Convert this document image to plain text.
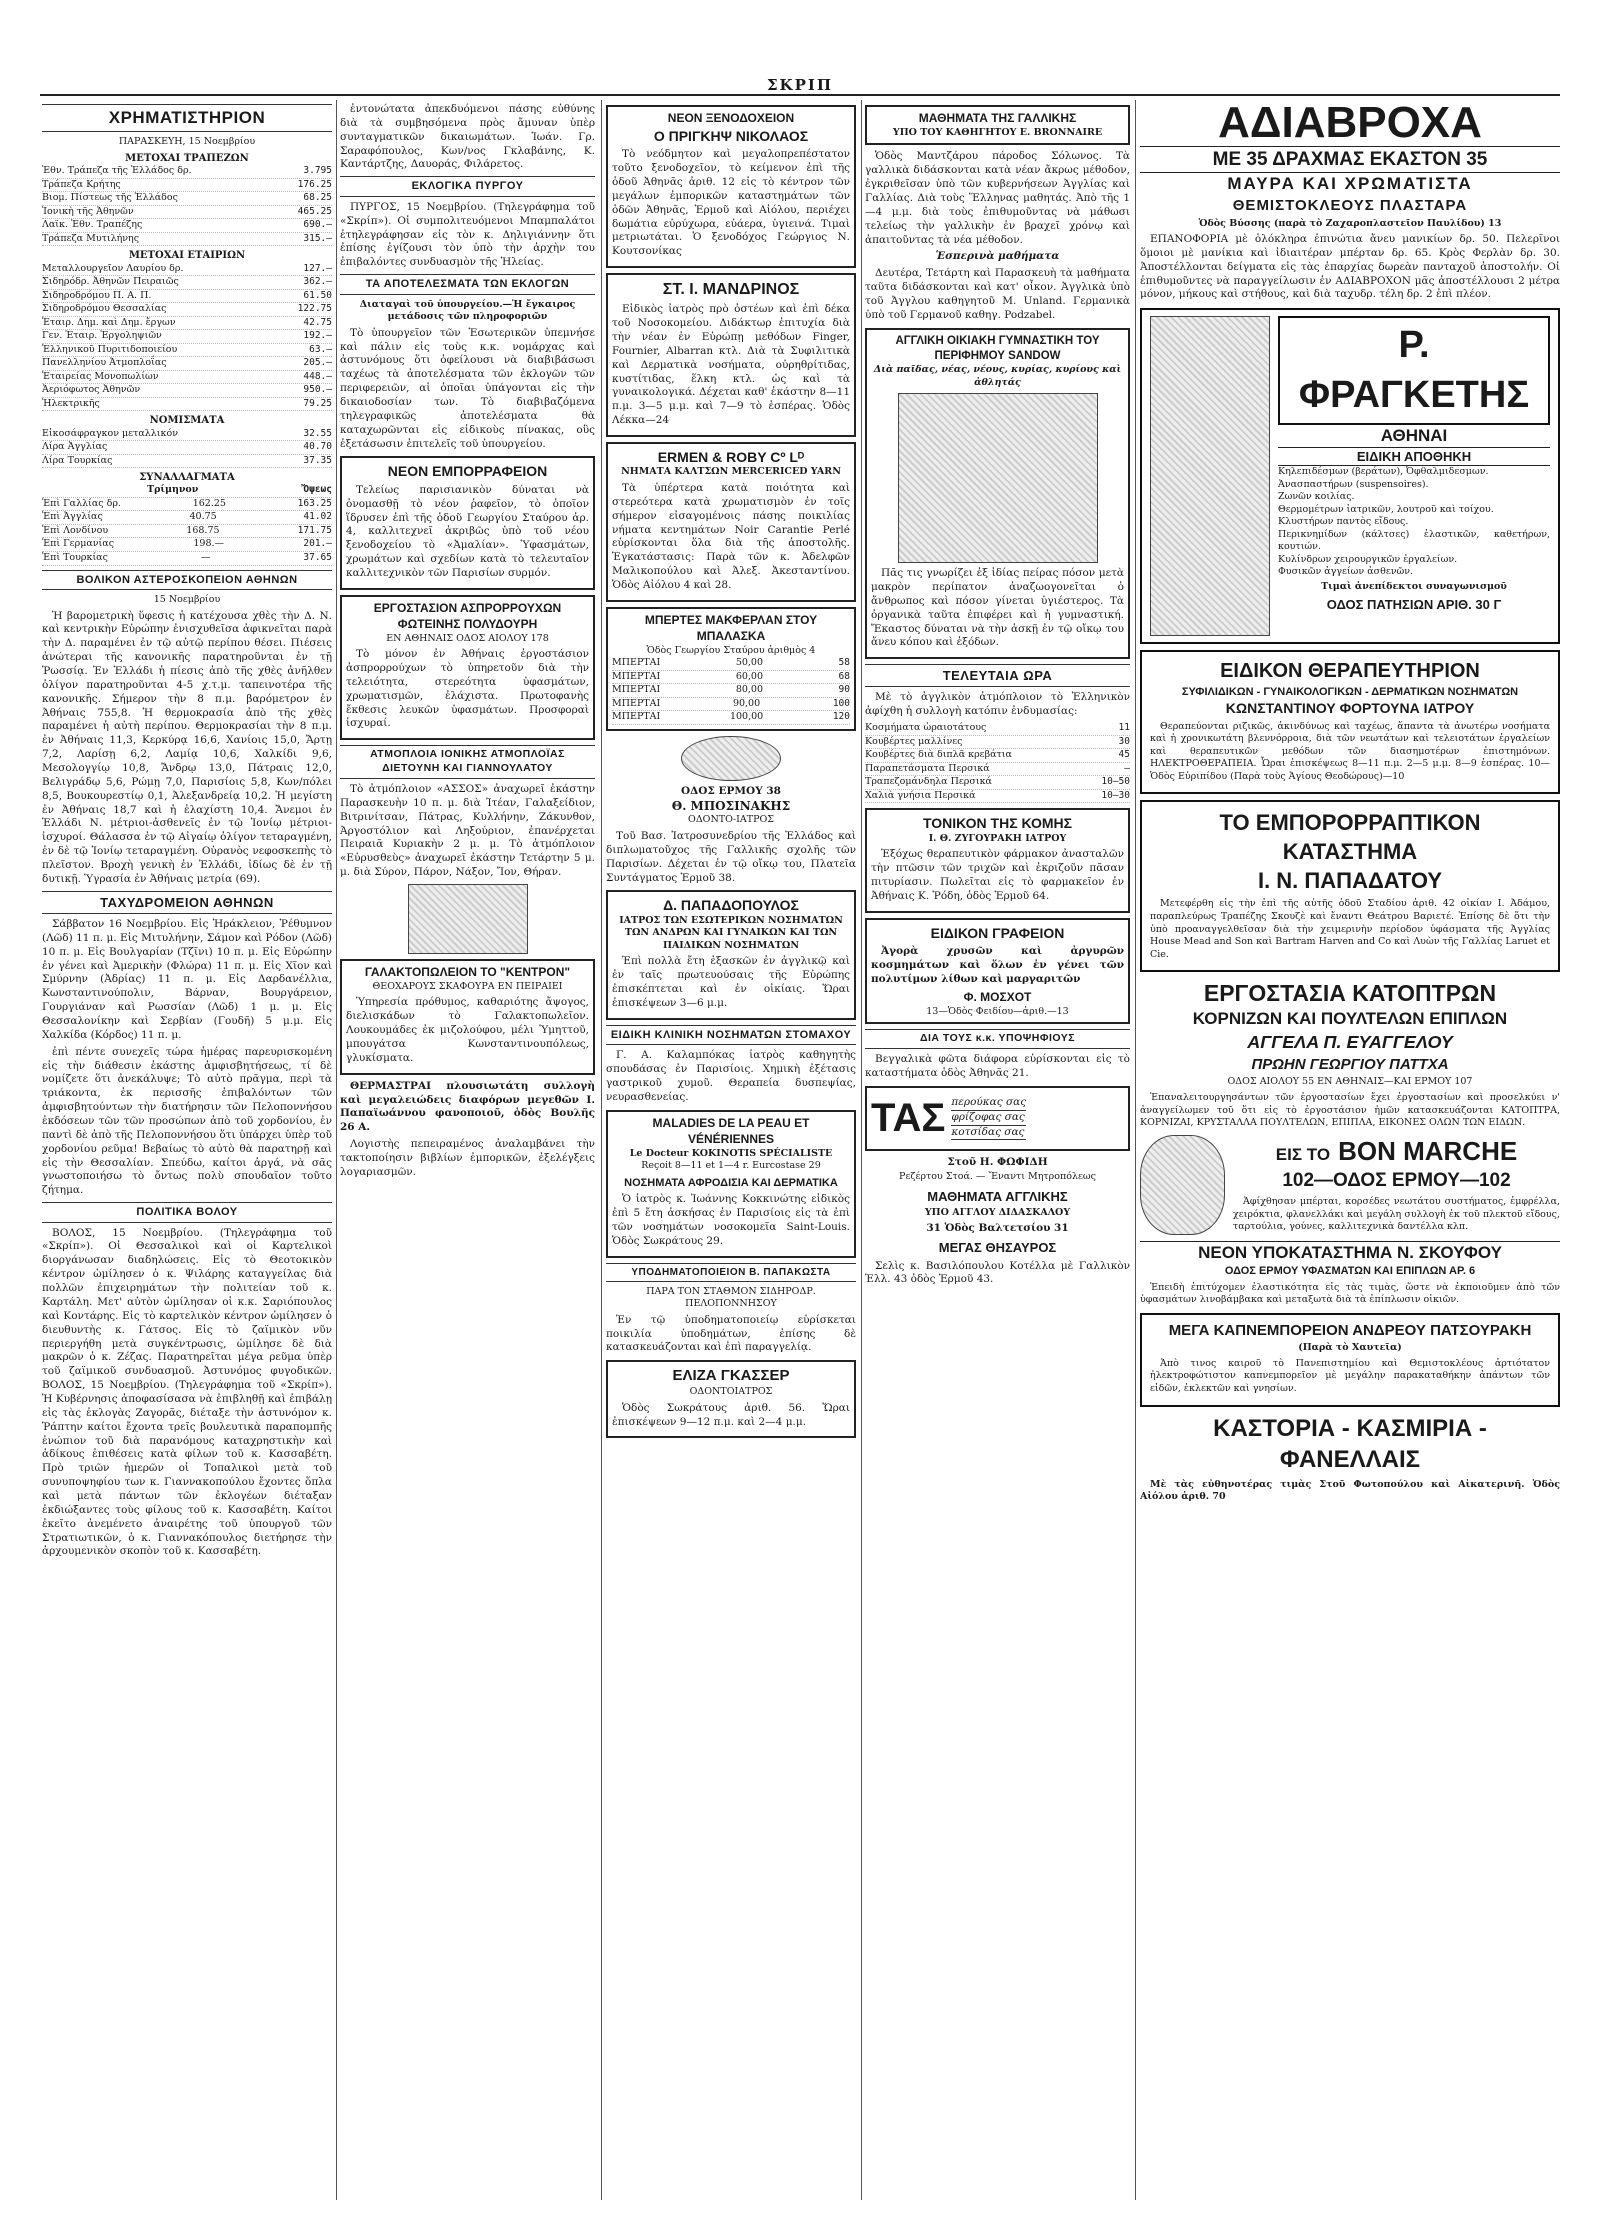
ΣΚΡΙΠ
ΧΡΗΜΑΤΙΣΤΗΡΙΟΝ
ΠΑΡΑΣΚΕΥΗ, 15 Νοεμβρίου
ΜΕΤΟΧΑΙ ΤΡΑΠΕΖΩΝ
Ἐθν. Τράπεζα τῆς Ἑλλάδος δρ.	3.795
Τράπεζα Κρήτης	176.25
Βιομ. Πίστεως τῆς Ἑλλάδος	68.25
Ἰονικὴ τῆς Ἀθηνῶν	465.25
Λαϊκ. Ἐθν. Τραπέζης	690.—
Τράπεζα Μυτιλήνης	315.—
ΜΕΤΟΧΑΙ ΕΤΑΙΡΙΩΝ
Μεταλλουργεῖον Λαυρίου δρ.	127.—
Σιδηρόδρ. Ἀθηνῶν Πειραιῶς	362.—
Σιδηροδρόμου Π. Α. Π.	61.50
Σιδηροδρόμου Θεσσαλίας	122.75
Ἑταιρ. Δημ. καὶ Δημ. ἔργων	42.75
Γεν. Ἑταιρ. Ἐργοληψιῶν	192.—
Ἑλληνικοῦ Πυριτιδοποιείου	63.—
Πανελληνίου Ἀτμοπλοΐας	205.—
Ἑταιρείας Μονοπωλίων	448.—
Ἀεριόφωτος Ἀθηνῶν	950.—
Ἠλεκτρικῆς	79.25
ΝΟΜΙΣΜΑΤΑ
Εἰκοσάφραγκον μεταλλικόν	32.55
Λίρα Ἀγγλίας	40.70
Λίρα Τουρκίας	37.35
ΣΥΝΑΛΛΑΓΜΑΤΑ
Τρίμηνον	Ὄψεως
Ἐπὶ Γαλλίας δρ.	162.25	163.25
Ἐπὶ Ἀγγλίας	40.75	41.02
Ἐπὶ Λονδίνου	168.75	171.75
Ἐπὶ Γερμανίας	198.—	201.—
Ἐπὶ Τουρκίας	—	37.65
ΒΟΛΙΚΟΝ ΑΣΤΕΡΟΣΚΟΠΕΙΟΝ ΑΘΗΝΩΝ
15 Νοεμβρίου
Ἡ βαρομετρικὴ ὕφεσις ἡ κατέχουσα χθὲς τὴν Δ. Ν. καὶ κεντρικὴν Εὐρώπην ἐνισχυθεῖσα ἀφικνεῖται παρὰ τὴν Δ. παραμένει ἐν τῷ αὐτῷ περίπου θέσει. Πιέσεις ἀνώτεραι τῆς κανονικῆς παρατηροῦνται ἐν τῇ Ῥωσσίᾳ. Ἐν Ἑλλάδι ἡ πίεσις ἀπὸ τῆς χθὲς ἀνῆλθεν ὀλίγον παρατηροῦνται 4-5 χ.τ.μ. ταπεινοτέρα τῆς κανονικῆς. Σήμερον τὴν 8 π.μ. βαρόμετρον ἐν Ἀθήναις 755,8. Ἡ θερμοκρασία ἀπὸ τῆς χθὲς παραμένει ἡ αὐτὴ περίπου. Θερμοκρασίαι τὴν 8 π.μ. ἐν Ἀθήναις 11,3, Κερκύρᾳ 16,6, Χανίοις 15,0, Ἄρτῃ 7,2, Λαρίσῃ 6,2, Λαμίᾳ 10,6, Χαλκίδι 9,6, Μεσολογγίῳ 10,8, Ἄνδρῳ 13,0, Πάτραις 12,0, Βελιγράδῳ 5,6, Ρώμῃ 7,0, Παρισίοις 5,8, Κων/πόλει 8,5, Βουκουρεστίῳ 0,1, Ἀλεξανδρείᾳ 10,2. Ἡ μεγίστη ἐν Ἀθήναις 18,7 καὶ ἡ ἐλαχίστη 10,4. Ἄνεμοι ἐν Ἑλλάδι Ν. μέτριοι-ἀσθενεῖς ἐν τῷ Ἰονίῳ μέτριοι-ἰσχυροί. Θάλασσα ἐν τῷ Αἰγαίῳ ὀλίγον τεταραγμένη, ἐν δὲ τῷ Ἰονίῳ τεταραγμένη. Οὐρανὸς νεφοσκεπὴς τὸ πλεῖστον. Βροχὴ γενικὴ ἐν Ἑλλάδι, ἰδίως δὲ ἐν τῇ δυτικῇ. Ὑγρασία ἐν Ἀθήναις μετρία (69).
ΤΑΧΥΔΡΟΜΕΙΟΝ ΑΘΗΝΩΝ
Σάββατον 16 Νοεμβρίου. Εἰς Ἡράκλειον, Ῥέθυμνον (Λῶδ) 11 π. μ. Εἰς Μιτυλήνην, Σάμον καὶ Ρόδον (Λῶδ) 10 π. μ. Εἰς Βουλγαρίαν (Τζῖνι) 10 π. μ. Εἰς Εὐρώπην ἐν γένει καὶ Ἀμερικὴν (Φλώρα) 11 π. μ. Εἰς Χῖον καὶ Σμύρνην (Ἀδρίας) 11 π. μ. Εἰς Δαρδανέλλια, Κωνσταντινούπολιν, Βάρναν, Βουργάρειον, Γουργιάναν καὶ Ρωσσίαν (Λῶδ) 1 μ. μ. Εἰς Θεσσαλονίκην καὶ Σερβίαν (Γουδῆ) 5 μ.μ. Εἰς Χαλκίδα (Κόρδος) 11 π. μ.
ἐπὶ πέντε συνεχεῖς τώρα ἡμέρας παρευρισκομένη εἰς τὴν διάθεσιν ἑκάστης ἀμφισβητήσεως, τί δὲ νομίζετε ὅτι ἀνεκάλυψε; Τὸ αὐτὸ πρᾶγμα, περὶ τὰ τριάκοντα, ἐκ περισσῆς ἐπιβαλόντων τῶν ἀμφισβητούντων τὴν διατήρησιν τῶν Πελοποννήσου ἐκδόσεων τῶν τῶν προσώπων ἀπὸ τοῦ χορδονίου, ἐν παντὶ δὲ ἀπὸ τῆς Πελοποννήσου ὅτι ὑπάρχει ὑπὲρ τοῦ χορδονίου ρεῦμα! Βεβαίως τὸ αὐτὸ θὰ παρατηρῇ καὶ εἰς τὴν Θεσσαλίαν. Σπεύδω, καίτοι ἀργά, νὰ σᾶς γνωστοποιήσω τὸ ὄντως πολὺ σπουδαῖον τοῦτο ζήτημα.
ΠΟΛΙΤΙΚΑ ΒΟΛΟΥ
ΒΟΛΟΣ, 15 Νοεμβρίου. (Τηλεγράφημα τοῦ «Σκρίπ»). Οἱ Θεσσαλικοὶ καὶ οἱ Καρτελικοὶ διοργάνωσαν διαδηλώσεις. Εἰς τὸ Θεοτοκικὸν κέντρον ὡμίλησεν ὁ κ. Ψιλάρης καταγγείλας διὰ πολλῶν ἐπιχειρημάτων τὴν πολιτείαν τοῦ κ. Καρτάλη. Μετ' αὐτὸν ὡμίλησαν οἱ κ.κ. Σαριόπουλος καὶ Κοντάρης. Εἰς τὸ καρτελικὸν κέντρον ὡμίλησεν ὁ διευθυντὴς κ. Γάτσος. Εἰς τὸ ζαϊμικὸν νῦν περιεργήθη μετὰ συγκέντρωσις, ὡμίλησε δὲ διὰ μακρῶν ὁ κ. Ζέζας. Παρατηρεῖται μέγα ρεῦμα ὑπὲρ τοῦ ζαϊμικοῦ συνδυασμοῦ. Ἀστυνόμος φυγοδικῶν. ΒΟΛΟΣ, 15 Νοεμβρίου. (Τηλεγράφημα τοῦ «Σκρίπ»). Ἡ Κυβέρνησις ἀποφασίσασα νὰ ἐπιβληθῇ καὶ ἐπιβάλῃ εἰς τὰς ἐκλογὰς Ζαγορᾶς, διέταξε τὴν ἀστυνόμον κ. Ῥάπτην καίτοι ἔχοντα τρεῖς βουλευτικὰ παραπομπῆς ἐνώπιον τοῦ διὰ παρανόμους καταχρηστικὴν καὶ ἀδίκους ἐπιθέσεις κατὰ φίλων τοῦ κ. Κασσαβέτη. Πρὸ τριῶν ἡμερῶν οἱ Τοπαλικοὶ μετὰ τοῦ συνυποψηφίου των κ. Γιαννακοπούλου ἔχοντες ὅπλα καὶ μετὰ πάντων τῶν ἐκλογέων διέταξαν ἐκδιώξαντες τοὺς φίλους τοῦ κ. Κασσαβέτη. Καίτοι ἐκεῖτο ἀνεμένετο ἀναιρέτης τοῦ ὑπουργοῦ τῶν Στρατιωτικῶν, ὁ κ. Γιαννακόπουλος διετήρησε τὴν ἀρχουμενικὸν σκοπὸν τοῦ κ. Κασσαβέτη.
ἐντονώτατα ἀπεκδυόμενοι πάσης εὐθύνης διὰ τὰ συμβησόμενα πρὸς ἄμυναν ὑπὲρ συνταγματικῶν δικαιωμάτων. Ἰωάν. Γρ. Σαραφόπουλος, Κων/νος Γκλαβάνης, Κ. Καντάρτζης, Δαυοράς, Φιλάρετος.
ΕΚΛΟΓΙΚΑ ΠΥΡΓΟΥ
ΠΥΡΓΟΣ, 15 Νοεμβρίου. (Τηλεγράφημα τοῦ «Σκρίπ»). Οἱ συμπολιτευόμενοι Μπαμπαλάτοι ἐτηλεγράφησαν εἰς τὸν κ. Δηλιγιάννην ὅτι ἐπίσης ἐγίζουσι τὸν ὑπὸ τὴν ἀρχὴν του ἐπιβαλόντες συνδυασμὸν τῆς Ἠλείας.
ΤΑ ΑΠΟΤΕΛΕΣΜΑΤΑ ΤΩΝ ΕΚΛΟΓΩΝ
Διαταγαὶ τοῦ ὑπουργείου.—Ἡ ἔγκαιρος μετάδοσις τῶν πληροφοριῶν
Τὸ ὑπουργεῖον τῶν Ἐσωτερικῶν ὑπεμνήσε καὶ πάλιν εἰς τοὺς κ.κ. νομάρχας καὶ ἀστυνόμους ὅτι ὀφείλουσι νὰ διαβιβάσωσι ταχέως τὰ ἀποτελέσματα τῶν ἐκλογῶν τῶν περιφερειῶν, αἱ ὁποῖαι ὑπάγονται εἰς τὴν δικαιοδοσίαν των. Τὸ διαβιβαζόμενα τηλεγραφικῶς ἀποτελέσματα θὰ καταχωρῶνται εἰς εἰδικοὺς πίνακας, οὓς ἐξετάσωσιν ἐπιτελεῖς τοῦ ὑπουργείου.
ΝΕΟΝ ΕΜΠΟΡΡΑΦΕΙΟΝ
Τελείως παρισιανικὸν δύναται νὰ ὀνομασθῇ τὸ νέον ῥαφεῖον, τὸ ὁποῖον ἵδρυσεν ἐπὶ τῆς ὁδοῦ Γεωργίου Σταύρου ἀρ. 4, καλλιτεχνεῖ ἀκριβῶς ὑπὸ τοῦ νέου ξενοδοχείου τὸ «Ἀμαλίαν». Ὑφασμάτων, χρωμάτων καὶ σχεδίων κατὰ τὸ τελευταῖον καλλιτεχνικὸν τῶν Παρισίων συρμόν.
ΕΡΓΟΣΤΑΣΙΟΝ ΑΣΠΡΟΡΡΟΥΧΩΝ ΦΩΤΕΙΝΗΣ ΠΟΛΥΔΟΥΡΗ
ΕΝ ΑΘΗΝΑΙΣ ΟΔΟΣ ΑΙΟΛΟΥ 178
Τὸ μόνον ἐν Ἀθήναις ἐργοστάσιον ἀσπρορρούχων τὸ ὑπηρετοῦν διὰ τὴν τελειότητα, στερεότητα ὑφασμάτων, χρωματισμῶν, ἐλάχιστα. Πρωτοφανὴς ἔκθεσις λευκῶν ὑφασμάτων. Προσφοραὶ ἰσχυραί.
ΑΤΜΟΠΛΟΙΑ ΙΟΝΙΚΗΣ ΑΤΜΟΠΛΟΪΑΣ ΔΙΕΤΟΥΝΗ ΚΑΙ ΓΙΑΝΝΟΥΛΑΤΟΥ
Τὸ ἀτμόπλοιον «ΑΣΣΟΣ» ἀναχωρεῖ ἐκάστην Παρασκευὴν 10 π. μ. διὰ Ἰτέαν, Γαλαξείδιον, Βιτρινίτσαν, Πάτρας, Κυλλήνην, Ζάκυνθον, Ἀργοστόλιον καὶ Ληξούριον, ἐπανέρχεται Πειραιᾶ Κυριακὴν 2 μ. μ. Τὸ ἀτμόπλοιον «Εὐρυσθεὺς» ἀναχωρεῖ ἐκάστην Τετάρτην 5 μ. μ. διὰ Σύρον, Πάρον, Νάξον, Ἴον, Θήραν.
ΓΑΛΑΚΤΟΠΩΛΕΙΟΝ ΤΟ "ΚΕΝΤΡΟΝ"
ΘΕΟΧΑΡΟΥΣ ΣΚΑΦΟΥΡΑ ΕΝ ΠΕΙΡΑΙΕΙ
Ὑπηρεσία πρόθυμος, καθαριότης ἄψογος, διελισκάδων τὸ Γαλακτοπωλεῖον. Λουκουμάδες ἐκ μιζολούφου, μέλι Ὑμηττοῦ, μπουγάτσα Κωνσταντινουπόλεως, γλυκίσματα.
ΘΕΡΜΑΣΤΡΑΙ πλουσιωτάτη συλλογὴ καὶ μεγαλειώδεις διαφόρων μεγεθῶν Ι. Παπαϊωάννου φανοποιοῦ, ὁδὸς Βουλῆς 26 Α.
Λογιστὴς πεπειραμένος ἀναλαμβάνει τὴν τακτοποίησιν βιβλίων ἐμπορικῶν, ἐξελέγξεις λογαριασμῶν.
ΝΕΟΝ ΞΕΝΟΔΟΧΕΙΟΝ
Ο ΠΡΙΓΚΗΨ ΝΙΚΟΛΑΟΣ
Τὸ νεόδμητον καὶ μεγαλοπρεπέστατον τοῦτο ξενοδοχεῖον, τὸ κείμενον ἐπὶ τῆς ὁδοῦ Ἀθηνᾶς ἀριθ. 12 εἰς τὸ κέντρον τῶν μεγάλων ἐμπορικῶν καταστημάτων τῶν ὁδῶν Ἀθηνᾶς, Ἑρμοῦ καὶ Αἰόλου, περιέχει δωμάτια εὐρύχωρα, εὐάερα, ὑγιεινά. Τιμαὶ μετριωτάται. Ὁ ξενοδόχος Γεώργιος Ν. Κουτσονίκας
ΣΤ. Ι. ΜΑΝΔΡΙΝΟΣ
Εἰδικὸς ἰατρὸς πρὸ ὀστέων καὶ ἐπὶ δέκα τοῦ Νοσοκομείου. Διδάκτωρ ἐπιτυχία διὰ τὴν νέαν ἐν Εὐρώπῃ μεθόδων Finger, Fournier, Albarran κτλ. Διὰ τὰ Συφιλιτικὰ καὶ Δερματικὰ νοσήματα, οὐρηθρίτιδας, κυστίτιδας, ἕλκη κτλ. ὡς καὶ τὰ γυναικολογικά. Δέχεται καθ' ἑκάστην 8—11 π.μ. 3—5 μ.μ. καὶ 7—9 τὸ ἑσπέρας. Ὁδὸς Λέκκα—24
ERMEN & ROBY Cº Lᴰ
ΝΗΜΑΤΑ ΚΑΛΤΣΩΝ MERCERICED YARN
Τὰ ὑπέρτερα κατὰ ποιότητα καὶ στερεότερα κατὰ χρωματισμὸν ἐν τοῖς σήμερον εἰσαγομένοις πάσης ποικιλίας νήματα κεντημάτων Noir Carantie Perlé εὑρίσκονται ὅλα διὰ τῆς ἀποστολῆς. Ἐγκατάστασις: Παρὰ τῶν κ. Ἀδελφῶν Μαλικοπούλου καὶ Ἀλεξ. Ἀκεσταντίνου. Ὁδὸς Αἰόλου 4 καὶ 28.
ΜΠΕΡΤΕΣ ΜΑΚΦΕΡΛΑΝ ΣΤΟΥ ΜΠΑΛΑΣΚΑ
Ὁδὸς Γεωργίου Σταύρου ἀριθμὸς 4
ΜΠΕΡΤΑΙ	50,00	58
ΜΠΕΡΤΑΙ	60,00	68
ΜΠΕΡΤΑΙ	80,00	90
ΜΠΕΡΤΑΙ	90,00	100
ΜΠΕΡΤΑΙ	100,00	120
ΟΔΟΣ ΕΡΜΟΥ 38
Θ. ΜΠΟΣΙΝΑΚΗΣ
ΟΔΟΝΤΟ-ΙΑΤΡΟΣ
Τοῦ Βασ. Ἰατροσυνεδρίου τῆς Ἑλλάδος καὶ διπλωματοῦχος τῆς Γαλλικῆς σχολῆς τῶν Παρισίων. Δέχεται ἐν τῷ οἴκῳ του, Πλατεῖα Συντάγματος Ἑρμοῦ 38.
Δ. ΠΑΠΑΔΟΠΟΥΛΟΣ
ΙΑΤΡΟΣ ΤΩΝ ΕΣΩΤΕΡΙΚΩΝ ΝΟΣΗΜΑΤΩΝ ΤΩΝ ΑΝΔΡΩΝ ΚΑΙ ΓΥΝΑΙΚΩΝ ΚΑΙ ΤΩΝ ΠΑΙΔΙΚΩΝ ΝΟΣΗΜΑΤΩΝ
Ἐπὶ πολλὰ ἔτη ἐξασκῶν ἐν ἀγγλικῷ καὶ ἐν ταῖς πρωτευούσαις τῆς Εὐρώπης ἐπισκέπτεται καὶ ἐν οἰκίαις. Ὥραι ἐπισκέψεων 3—6 μ.μ.
ΕΙΔΙΚΗ ΚΛΙΝΙΚΗ ΝΟΣΗΜΑΤΩΝ ΣΤΟΜΑΧΟΥ
Γ. Α. Καλαμπόκας ἰατρὸς καθηγητὴς σπουδάσας ἐν Παρισίοις. Χημικὴ ἐξέτασις γαστρικοῦ χυμοῦ. Θεραπεία δυσπεψίας, νευρασθενείας.
MALADIES DE LA PEAU ET VÉNÉRIENNES
Le Docteur KOKINOTIS SPÉCIALISTE
Reçoit 8—11 et 1—4 r. Eurcostase 29
ΝΟΣΗΜΑΤΑ ΑΦΡΟΔΙΣΙΑ ΚΑΙ ΔΕΡΜΑΤΙΚΑ
Ὁ ἰατρὸς κ. Ἰωάννης Κοκκινώτης εἰδικὸς ἐπὶ 5 ἔτη ἀσκήσας ἐν Παρισίοις εἰς τὰ ἐπὶ τῶν νοσημάτων νοσοκομεῖα Saint-Louis. Ὁδὸς Σωκράτους 29.
ΥΠΟΔΗΜΑΤΟΠΟΙΕΙΟΝ Β. ΠΑΠΑΚΩΣΤΑ
ΠΑΡΑ ΤΟΝ ΣΤΑΘΜΟΝ ΣΙΔΗΡΟΔΡ. ΠΕΛΟΠΟΝΝΗΣΟΥ
Ἐν τῷ ὑποδηματοποιείῳ εὑρίσκεται ποικιλία ὑποδημάτων, ἐπίσης δὲ κατασκευάζονται καὶ ἐπὶ παραγγελίᾳ.
ΕΛΙΖΑ ΓΚΑΣΣΕΡ
ΟΔΟΝΤΟΙΑΤΡΟΣ
Ὁδὸς Σωκράτους ἀριθ. 56. Ὥραι ἐπισκέψεων 9—12 π.μ. καὶ 2—4 μ.μ.
ΜΑΘΗΜΑΤΑ ΤΗΣ ΓΑΛΛΙΚΗΣ
ΥΠΟ ΤΟΥ ΚΑΘΗΓΗΤΟΥ Ε. BRONNAIRE
Ὁδὸς Μαντζάρου πάροδος Σόλωνος. Τὰ γαλλικὰ διδάσκονται κατὰ νέαν ἄκρως μέθοδον, ἐγκριθεῖσαν ὑπὸ τῶν κυβερνήσεων Ἀγγλίας καὶ Γαλλίας. Διὰ τοὺς Ἕλληνας μαθητάς. Ἀπὸ τῆς 1—4 μ.μ. διὰ τοὺς ἐπιθυμοῦντας νὰ μάθωσι τελείως τὴν γαλλικὴν ἐν βραχεῖ χρόνῳ καὶ ἀπαιτοῦντας τὰ νέα μέθοδον.
Ἑσπερινὰ μαθήματα
Δευτέρα, Τετάρτη καὶ Παρασκευὴ τὰ μαθήματα ταῦτα διδάσκονται καὶ κατ' οἶκον. Ἀγγλικὰ ὑπὸ τοῦ Ἀγγλου καθηγητοῦ Μ. Unland. Γερμανικὰ ὑπὸ τοῦ Γερμανοῦ καθηγ. Podzabel.
ΑΓΓΛΙΚΗ ΟΙΚΙΑΚΗ ΓΥΜΝΑΣΤΙΚΗ ΤΟΥ ΠΕΡΙΦΗΜΟΥ SANDOW
Διὰ παῖδας, νέας, νέους, κυρίας, κυρίους καὶ ἀθλητάς
Πᾶς τις γνωρίζει ἐξ ἰδίας πείρας πόσον μετὰ μακρὸν περίπατον ἀναζωογονεῖται ὁ ἄνθρωπος καὶ πόσον γίνεται ὑγιέστερος. Τὰ ὀργανικὰ ταῦτα ἐπιφέρει καὶ ἡ γυμναστική. Ἔκαστος δύναται νὰ τὴν ἀσκῇ ἐν τῷ οἴκῳ του ἄνευ κόπου καὶ ἐξόδων.
ΤΕΛΕΥΤΑΙΑ ΩΡΑ
Μὲ τὸ ἀγγλικὸν ἀτμόπλοιον τὸ Ἑλληνικὸν ἀφίχθη ἡ συλλογὴ κατόπιν ἐνδυμασίας:
Κοσμήματα ὡραιοτάτους	11
Κουβέρτες μαλλίνες	30
Κουβέρτες διὰ διπλᾶ κρεβάτια	45
Παραπετάσματα Περσικά	—
Τραπεζομάνδηλα Περσικά	10—50
Χαλιὰ γνήσια Περσικά	10—30
ΤΟΝΙΚΟΝ ΤΗΣ ΚΟΜΗΣ
Ι. Θ. ΖΥΓΟΥΡΑΚΗ ΙΑΤΡΟΥ
Ἐξόχως θεραπευτικὸν φάρμακον ἀνασταλῶν τὴν πτῶσιν τῶν τριχῶν καὶ ἐκριζοῦν πᾶσαν πιτυρίασιν. Πωλεῖται εἰς τὸ φαρμακεῖον ἐν Ἀθήναις Κ. Ῥόδη, ὁδὸς Ἑρμοῦ 64.
ΕΙΔΙΚΟΝ ΓΡΑΦΕΙΟΝ
Ἀγορὰ χρυσῶν καὶ ἀργυρῶν κοσμημάτων καὶ ὅλων ἐν γένει τῶν πολυτίμων λίθων καὶ μαργαριτῶν
Φ. ΜΟΣΧΟΤ
13—Ὁδὸς Φειδίου—ἀριθ.—13
ΔΙΑ ΤΟΥΣ κ.κ. ΥΠΟΨΗΦΙΟΥΣ
Βεγγαλικὰ φῶτα διάφορα εὑρίσκονται εἰς τὸ καταστήματα ὁδὸς Ἀθηνᾶς 21.
ΤΑΣ περούκας σας
φρίζοφας σας
κοτσίδας σας
Στοῦ Η. ΦΩΦΙΔΗ
Ρεζέρτου Στοά. — Ἔναντι Μητροπόλεως
ΜΑΘΗΜΑΤΑ ΑΓΓΛΙΚΗΣ
ΥΠΟ ΑΓΓΛΟΥ ΔΙΔΑΣΚΑΛΟΥ
31 Ὁδὸς Βαλτετσίου 31
ΜΕΓΑΣ ΘΗΣΑΥΡΟΣ
Σελὶς κ. Βασιλόπουλου Κοτέλλα μὲ Γαλλικὸν Ἐλλ. 43 ὁδὸς Ἑρμοῦ 43.
ΑΔΙΑΒΡΟΧΑ
ΜΕ 35 ΔΡΑΧΜΑΣ ΕΚΑΣΤΟΝ 35
ΜΑΥΡΑ ΚΑΙ ΧΡΩΜΑΤΙΣΤΑ
ΘΕΜΙΣΤΟΚΛΕΟΥΣ ΠΛΑΣΤΑΡΑ
Ὁδὸς Βύσσης (παρὰ τὸ Ζαχαροπλαστεῖον Παυλίδου) 13
ΕΠΑΝΟΦΟΡΙΑ μὲ ὁλόκληρα ἐπινώτια ἄνευ μανικίων δρ. 50. Πελερῖνοι ὅμοιοι μὲ μανίκια καὶ ἰδιαιτέραν μπέρταν δρ. 65. Κρὸς Φερλὰν δρ. 30. Ἀποστέλλονται δείγματα εἰς τὰς ἐπαρχίας δωρεὰν πανταχοῦ ἀποστολήν. Οἱ ἐπιθυμοῦντες νὰ παραγγείλωσιν ἐν ΑΔΙΑΒΡΟΧΟΝ μᾶς ἀποστέλλουσι 2 μέτρα μόνον, μήκους καὶ στήθους, καὶ διὰ ταχυδρ. τέλη δρ. 2 ἐπὶ πλέον.
Ρ. ΦΡΑΓΚΕΤΗΣ
ΑΘΗΝΑΙ
ΕΙΔΙΚΗ ΑΠΟΘΗΚΗ
Κηλεπιδέσμων (βεράτων), Ὀφθαλμιδεσμων.
Ἀνασπαστήρων (suspensoires).
Ζωνῶν κοιλίας.
Θερμομέτρων ἰατρικῶν, λουτροῦ καὶ τοίχου.
Κλυστήρων παντὸς εἴδους.
Περικνημίδων (κάλτσες) ἐλαστικῶν, καθετήρων, κουτιών.
Κυλίνδρων χειρουργικῶν ἐργαλείων.
Φυσικῶν ἀγγείων ἀσθενῶν.
Τιμαὶ ἀνεπίδεκτοι συναγωνισμοῦ
ΟΔΟΣ ΠΑΤΗΣΙΩΝ ΑΡΙΘ. 30 Γ
ΕΙΔΙΚΟΝ ΘΕΡΑΠΕΥΤΗΡΙΟΝ
ΣΥΦΙΛΙΔΙΚΩΝ - ΓΥΝΑΙΚΟΛΟΓΙΚΩΝ - ΔΕΡΜΑΤΙΚΩΝ ΝΟΣΗΜΑΤΩΝ
ΚΩΝΣΤΑΝΤΙΝΟΥ ΦΟΡΤΟΥΝΑ ΙΑΤΡΟΥ
Θεραπεύονται ριζικῶς, ἀκινδύνως καὶ ταχέως, ἅπαντα τὰ ἀνωτέρω νοσήματα καὶ ἡ χρονικωτάτη βλεννόρροια, διὰ τῶν νεωτάτων καὶ τελειοτάτων ἐργαλείων καὶ θεραπευτικῶν μεθόδων τῶν διασημοτέρων ἐπιστημόνων. ΗΛΕΚΤΡΟΘΕΡΑΠΕΙΑ. Ὧραι ἐπισκέψεως 8—11 π.μ. 2—5 μ.μ. 8—9 ἑσπέρας. 10—Ὁδὸς Εὐριπίδου (Παρὰ τοὺς Ἁγίους Θεοδώρους)—10
ΤΟ ΕΜΠΟΡΟΡΡΑΠΤΙΚΟΝ ΚΑΤΑΣΤΗΜΑ
Ι. Ν. ΠΑΠΑΔΑΤΟΥ
Μετεφέρθη εἰς τὴν ἐπὶ τῆς αὐτῆς ὁδοῦ Σταδίου ἀριθ. 42 οἰκίαν Ι. Ἀδάμου, παραπλεύρως Τραπέζης Σκουζὲ καὶ ἔναντι Θεάτρου Βαριετέ. Ἐπίσης δὲ ὅτι τὴν ὑπὸ προαναγγελθεῖσαν διὰ τὴν χειμερινὴν περίοδον ὑφάσματα τῆς Ἀγγλίας House Mead and Son καὶ Bartram Harven and Co καὶ Λυὼν τῆς Γαλλίας Laruet et Cie.
ΕΡΓΟΣΤΑΣΙΑ ΚΑΤΟΠΤΡΩΝ
ΚΟΡΝΙΖΩΝ ΚΑΙ ΠΟΥΛΤΕΛΩΝ ΕΠΙΠΛΩΝ
ΑΓΓΕΛΑ Π. ΕΥΑΓΓΕΛΟΥ
ΠΡΩΗΝ ΓΕΩΡΓΙΟΥ ΠΑΤΤΧΑ
ΟΔΟΣ ΑΙΟΛΟΥ 55 ΕΝ ΑΘΗΝΑΙΣ—ΚΑΙ ΕΡΜΟΥ 107
Ἐπαναλειτουργησάντων τῶν ἐργοστασίων ἔχει ἐργοστασίων καὶ προσελκύει ν' ἀναγγείλωμεν τοῦ ὅτι εἰς τὸ ἐργοστάσιον ἡμῶν κατασκευάζονται ΚΑΤΟΠΤΡΑ, ΚΟΡΝΙΖΑΙ, ΚΡΥΣΤΑΛΛΑ ΠΟΥΛΤΕΛΩΝ, ΕΠΙΠΛΑ, ΕΙΚΟΝΕΣ ΟΛΩΝ ΤΩΝ ΕΙΔΩΝ.
ΕΙΣ ΤΟ BON MARCHE
102—ΟΔΟΣ ΕΡΜΟΥ—102
Ἀφίχθησαν μπέρται, κορσέδες νεωτάτου συστήματος, ἐμφρέλλα, χειρόκτια, φλανελλάκι καὶ μεγάλη συλλογὴ ἐκ τοῦ πλεκτοῦ εἴδους, ταρτούλια, γούνες, καλλιτεχνικὰ δαντέλλα κλπ.
ΝΕΟΝ ΥΠΟΚΑΤΑΣΤΗΜΑ Ν. ΣΚΟΥΦΟΥ
ΟΔΟΣ ΕΡΜΟΥ ΥΦΑΣΜΑΤΩΝ ΚΑΙ ΕΠΙΠΛΩΝ ΑΡ. 6
Ἐπειδὴ ἐπιτύχομεν ἐλαστικότητα εἰς τὰς τιμὰς, ὥστε νὰ ἐκποιοῦμεν ἀπὸ τῶν ὑφασμάτων λινοβάμβακα καὶ μεταξωτὰ διὰ τὰ ἐπίπλωσιν οἰκιῶν.
ΜΕΓΑ ΚΑΠΝΕΜΠΟΡΕΙΟΝ ΑΝΔΡΕΟΥ ΠΑΤΣΟΥΡΑΚΗ
(Παρὰ τὸ Χαυτεῖα)
Ἀπὸ τινος καιροῦ τὸ Πανεπιστημίου καὶ Θεμιστοκλέους ἀρτιότατον ἠλεκτροφώτιστον καπνεμπορεῖον μὲ μεγάλην παρακαταθήκην ἁπάντων τῶν εἰδῶν, ἐκλεκτῶν καὶ γνησίων.
ΚΑΣΤΟΡΙΑ - ΚΑΣΜΙΡΙΑ - ΦΑΝΕΛΛΑΙΣ
Μὲ τὰς εὐθηνοτέρας τιμὰς Στοῦ Φωτοπούλου καὶ Αἰκατερινῆ. Ὁδὸς Αἰόλου ἀριθ. 70
